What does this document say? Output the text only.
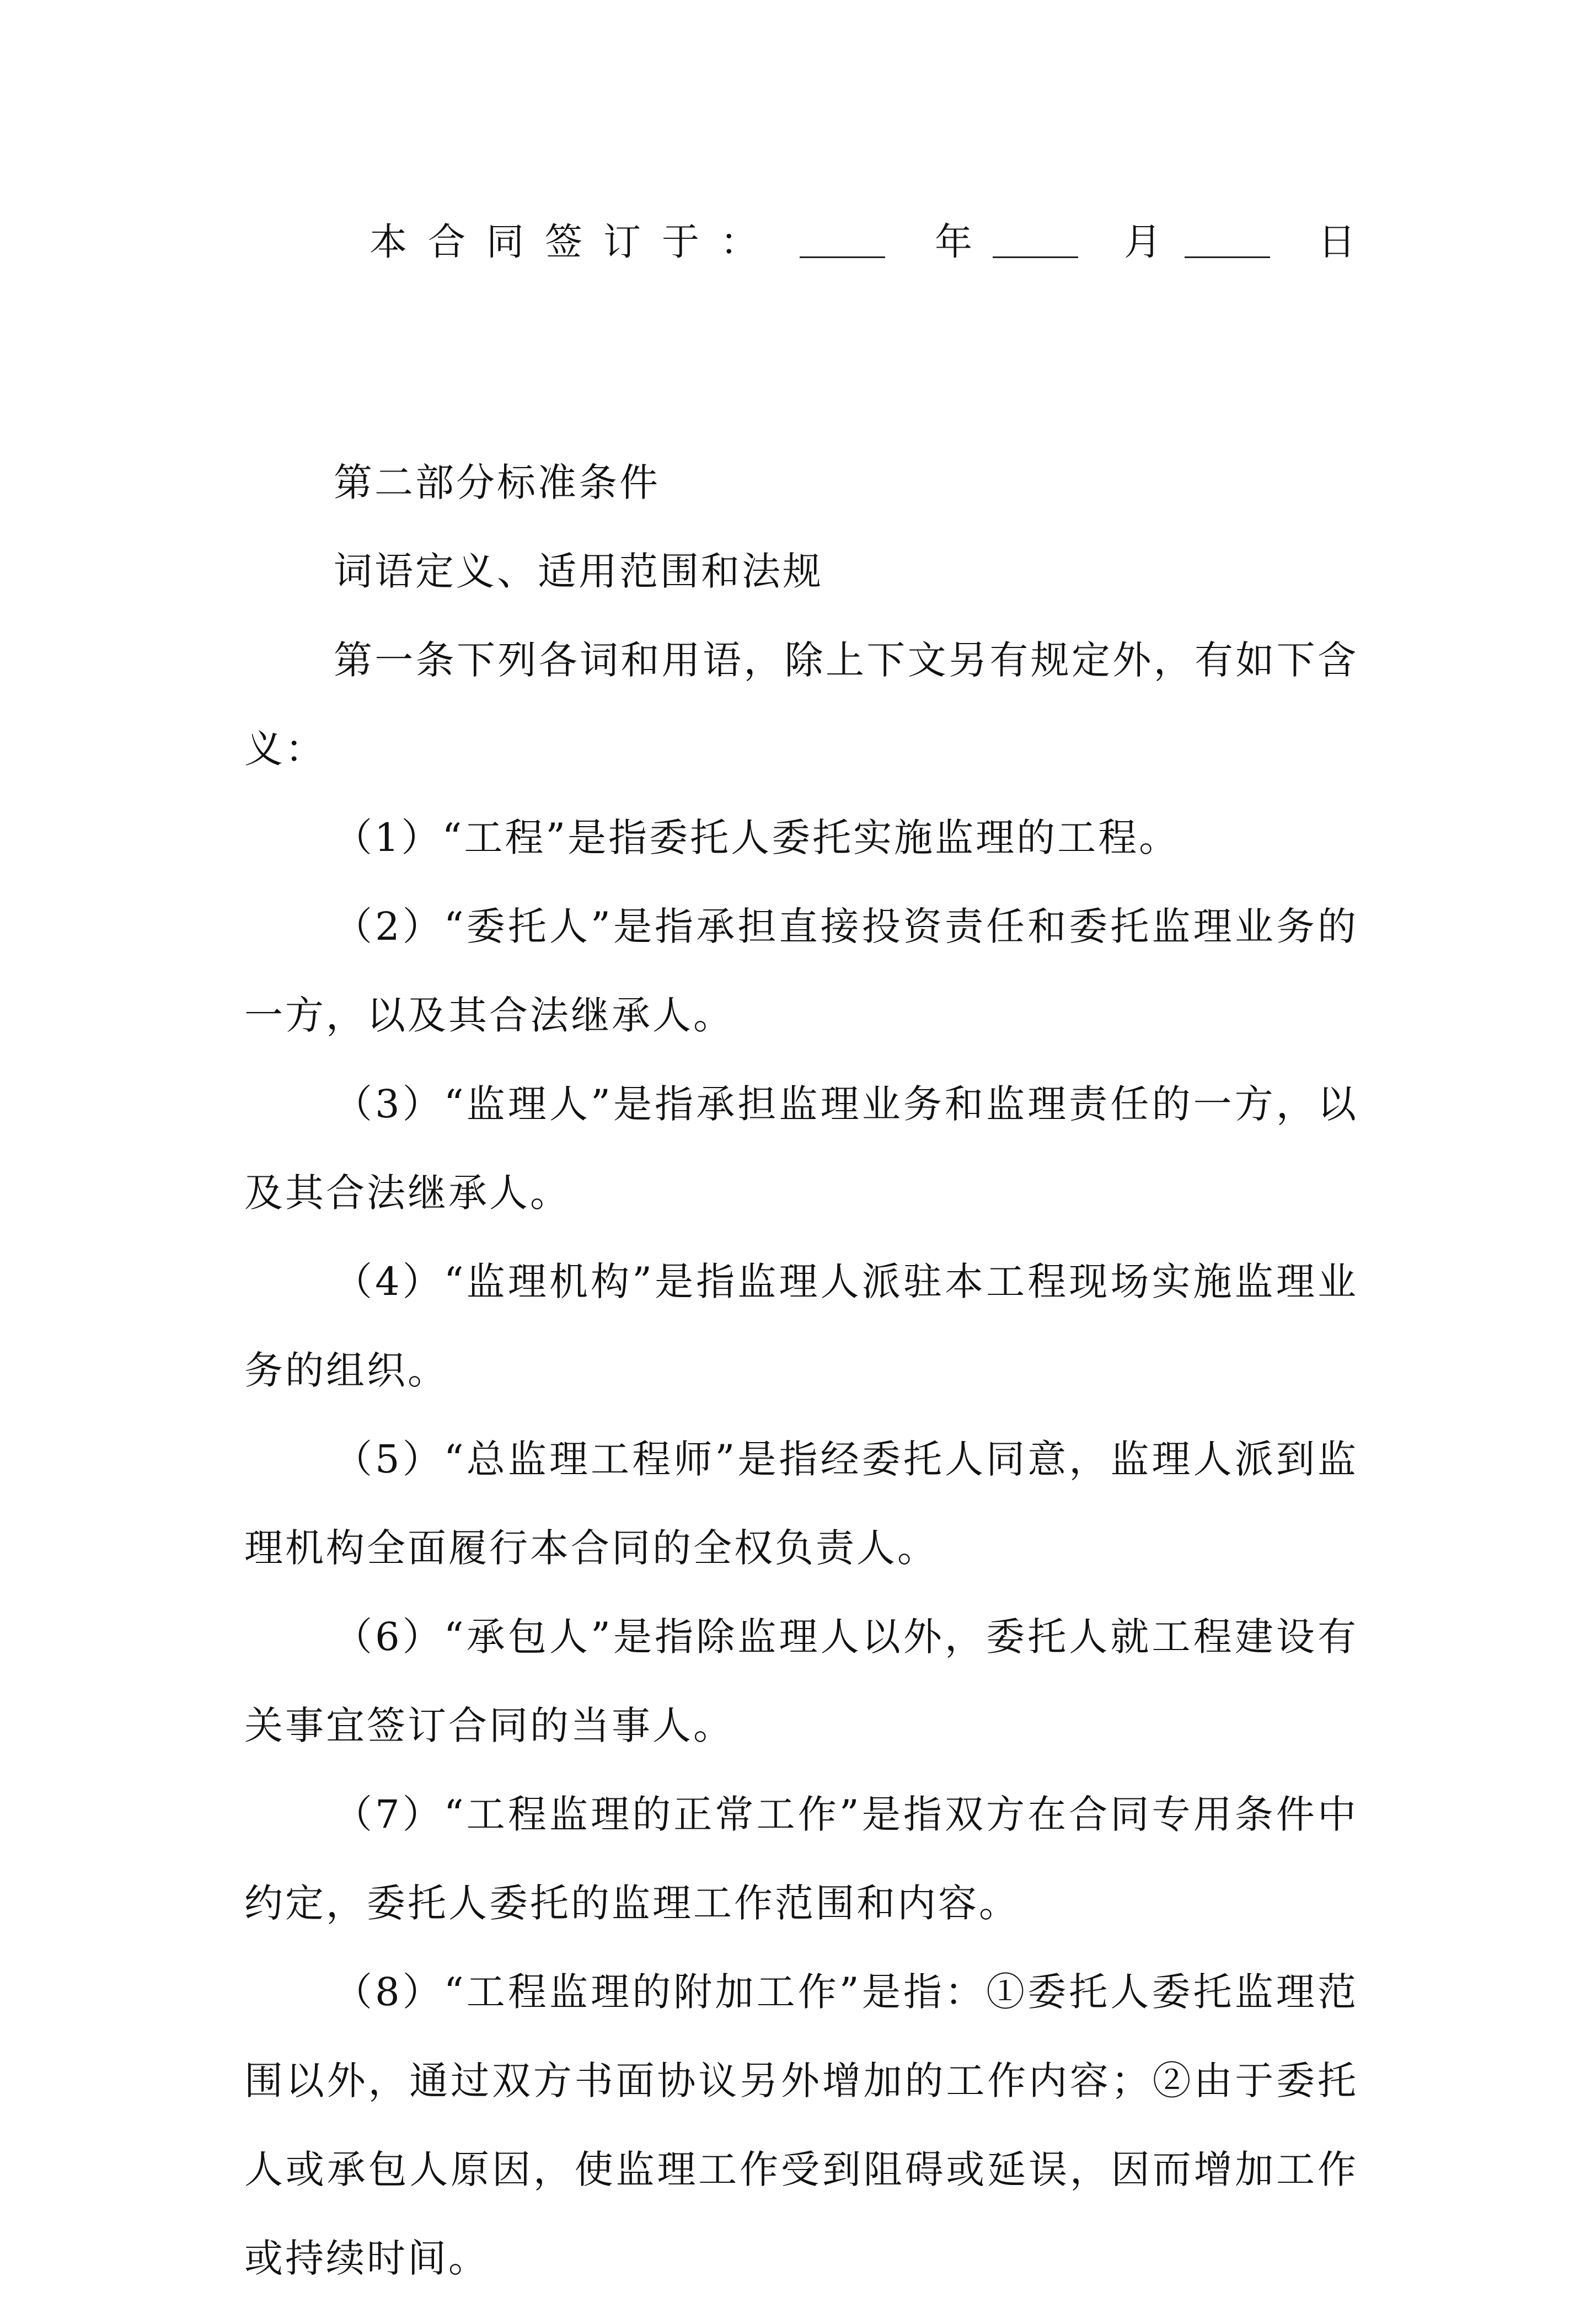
本合同签订于：	年	月	日

第二部分标准条件

词语定义、适用范围和法规

第一条下列各词和用语，除上下文另有规定外，有如下含义：

（1）“工程”是指委托人委托实施监理的工程。

（2）“委托人”是指承担直接投资责任和委托监理业务的一方，以及其合法继承人。

（3）“监理人”是指承担监理业务和监理责任的一方，以及其合法继承人。

（4）“监理机构”是指监理人派驻本工程现场实施监理业务的组织。

（5）“总监理工程师”是指经委托人同意，监理人派到监理机构全面履行本合同的全权负责人。

（6）“承包人”是指除监理人以外，委托人就工程建设有关事宜签订合同的当事人。

（7）“工程监理的正常工作”是指双方在合同专用条件中约定，委托人委托的监理工作范围和内容。

（8）“工程监理的附加工作”是指：①委托人委托监理范围以外，通过双方书面协议另外增加的工作内容；②由于委托人或承包人原因，使监理工作受到阻碍或延误，因而增加工作或持续时间。
